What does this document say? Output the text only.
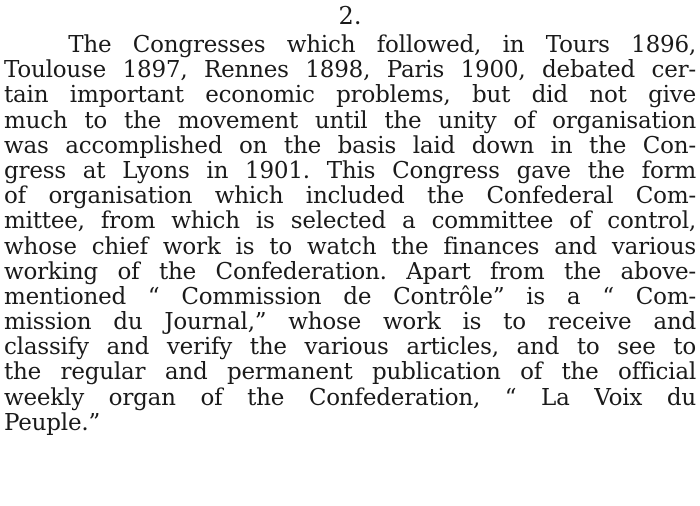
2.
The Congresses which followed, in Tours 1896,
Toulouse 1897, Rennes 1898, Paris 1900, debated cer-
tain important economic problems, but did not give
much to the movement until the unity of organisation
was accomplished on the basis laid down in the Con-
gress at Lyons in 1901. This Congress gave the form
of organisation which included the Confederal Com-
mittee, from which is selected a committee of control,
whose chief work is to watch the finances and various
working of the Confederation. Apart from the above-
mentioned “ Commission de Contrôle” is a “ Com-
mission du Journal,” whose work is to receive and
classify and verify the various articles, and to see to
the regular and permanent publication of the official
weekly organ of the Confederation, “ La Voix du
Peuple.”
